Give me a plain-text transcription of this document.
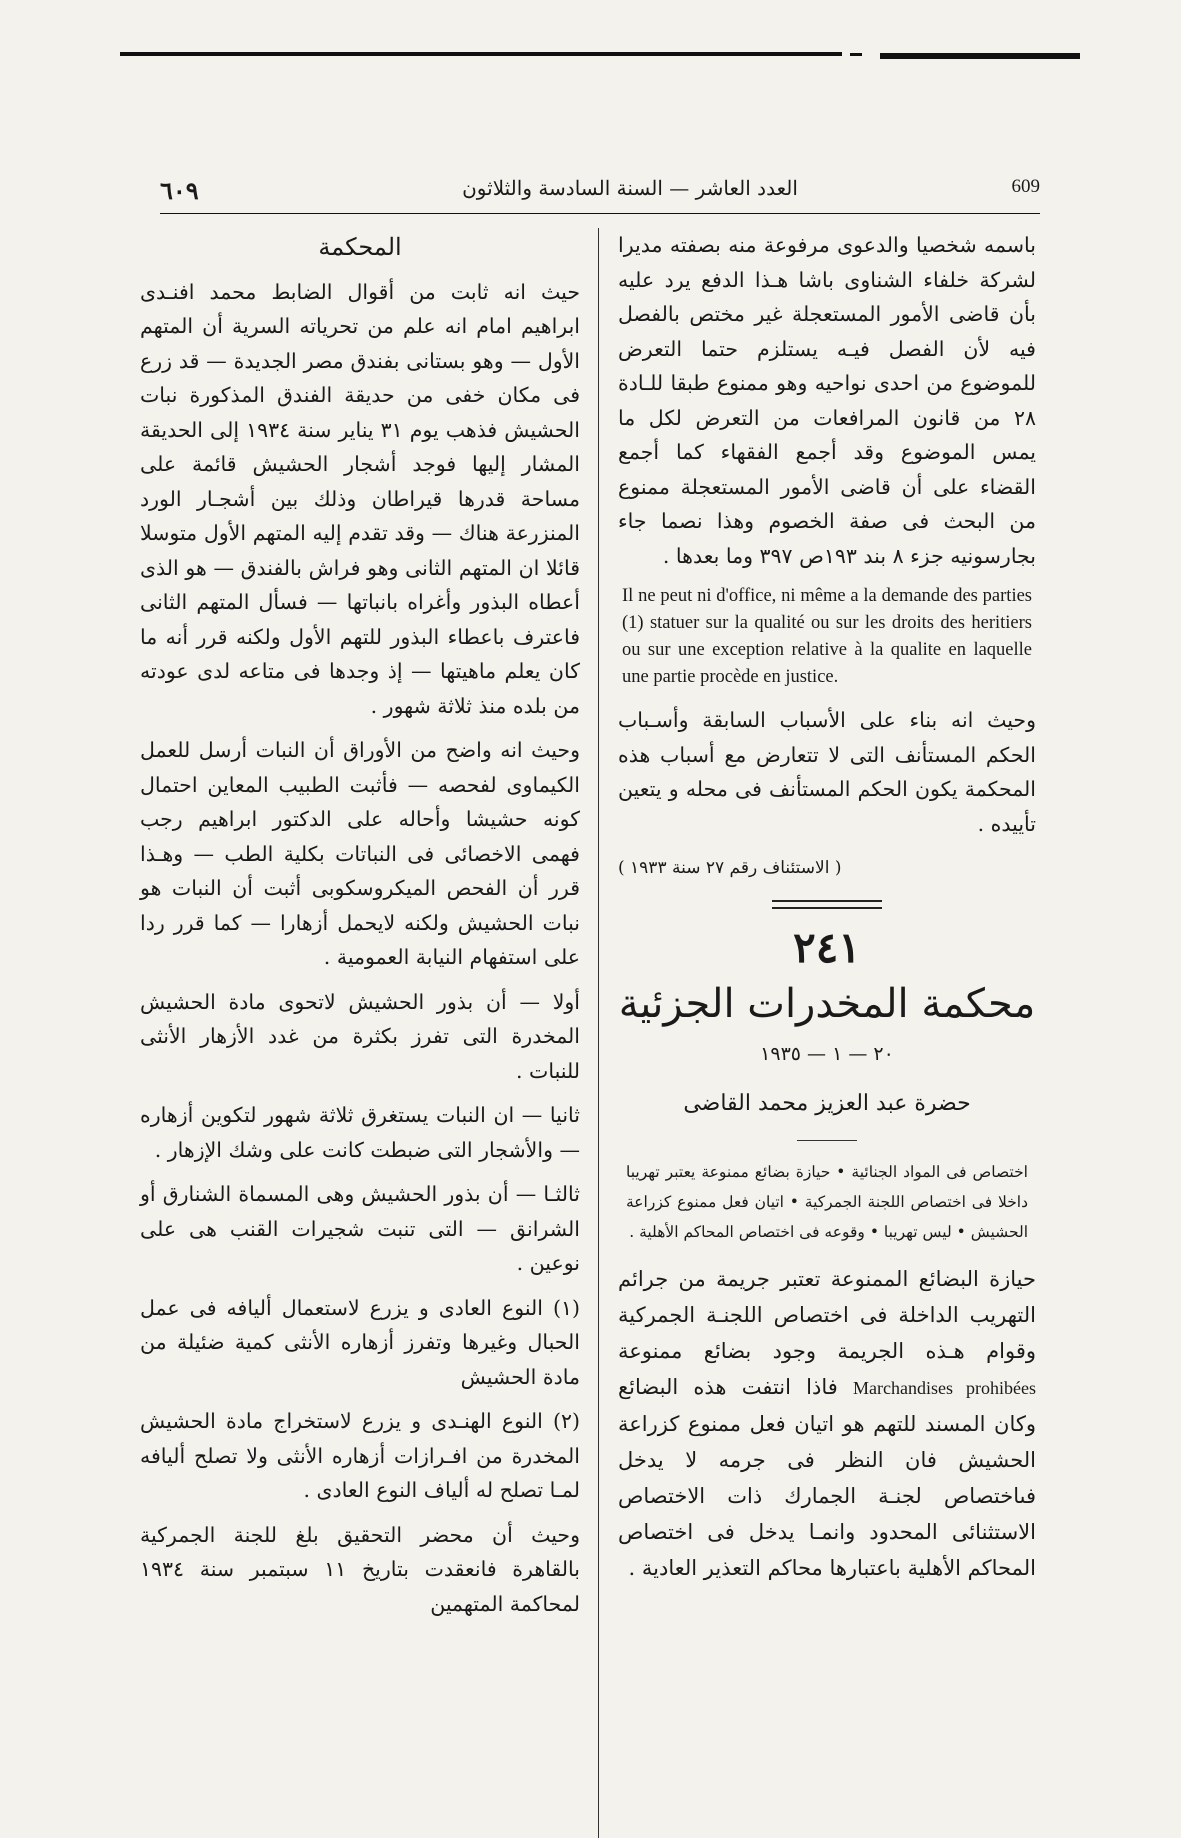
٦٠٩	العدد العاشر — السنة السادسة والثلاثون	609

باسمه شخصيا والدعوى مرفوعة منه بصفته مديرا لشركة خلفاء الشناوى باشا هـذا الدفع يرد عليه بأن قاضى الأمور المستعجلة غير مختص بالفصل فيه لأن الفصل فيـه يستلزم حتما التعرض للموضوع من احدى نواحيه وهو ممنوع طبقا للـادة ٢٨ من قانون المرافعات من التعرض لكل ما يمس الموضوع وقد أجمع الفقهاء كما أجمع القضاء على أن قاضى الأمور المستعجلة ممنوع من البحث فى صفة الخصوم وهذا نصما جاء بجارسونيه جزء ٨ بند ١٩٣ص ٣٩٧ وما بعدها .

Il ne peut ni d'office, ni même a la demande des parties (1) statuer sur la qualité ou sur les droits des heritiers ou sur une exception relative à la qualite en laquelle une partie procède en justice.

وحيث انه بناء على الأسباب السابقة وأسـباب الحكم المستأنف التى لا تتعارض مع أسباب هذه المحكمة يكون الحكم المستأنف فى محله و يتعين تأييده .

( الاستئناف رقم ٢٧ سنة ١٩٣٣ )
٢٤١
محكمة المخدرات الجزئية
٢٠ — ١ — ١٩٣٥
حضرة عبد العزيز محمد القاضى
اختصاص فى المواد الجنائية • حيازة بضائع ممنوعة يعتبر تهريبا داخلا فى اختصاص اللجنة الجمركية • اتيان فعل ممنوع كزراعة الحشيش • ليس تهريبا • وقوعه فى اختصاص المحاكم الأهلية .

حيازة البضائع الممنوعة تعتبر جريمة من جرائم التهريب الداخلة فى اختصاص اللجنـة الجمركية وقوام هـذه الجريمة وجود بضائع ممنوعة Marchandises prohibées فاذا انتفت هذه البضائع وكان المسند للتهم هو اتيان فعل ممنوع كزراعة الحشيش فان النظر فى جرمه لا يدخل فىاختصاص لجنـة الجمارك ذات الاختصاص الاستثنائى المحدود وانمـا يدخل فى اختصاص المحاكم الأهلية باعتبارها محاكم التعذير العادية .

المحكمة

حيث انه ثابت من أقوال الضابط محمد افنـدى ابراهيم امام انه علم من تحرياته السرية أن المتهم الأول — وهو بستانى بفندق مصر الجديدة — قد زرع فى مكان خفى من حديقة الفندق المذكورة نبات الحشيش فذهب يوم ٣١ يناير سنة ١٩٣٤ إلى الحديقة المشار إليها فوجد أشجار الحشيش قائمة على مساحة قدرها قيراطان وذلك بين أشجـار الورد المنزرعة هناك — وقد تقدم إليه المتهم الأول متوسلا قائلا ان المتهم الثانى وهو فراش بالفندق — هو الذى أعطاه البذور وأغراه بانباتها — فسأل المتهم الثانى فاعترف باعطاء البذور للتهم الأول ولكنه قرر أنه ما كان يعلم ماهيتها — إذ وجدها فى متاعه لدى عودته من بلده منذ ثلاثة شهور .

وحيث انه واضح من الأوراق أن النبات أرسل للعمل الكيماوى لفحصه — فأثبت الطبيب المعاين احتمال كونه حشيشا وأحاله على الدكتور ابراهيم رجب فهمى الاخصائى فى النباتات بكلية الطب — وهـذا قرر أن الفحص الميكروسكوبى أثبت أن النبات هو نبات الحشيش ولكنه لايحمل أزهارا — كما قرر ردا على استفهام النيابة العمومية .

أولا — أن بذور الحشيش لاتحوى مادة الحشيش المخدرة التى تفرز بكثرة من غدد الأزهار الأنثى للنبات .

ثانيا — ان النبات يستغرق ثلاثة شهور لتكوين أزهاره — والأشجار التى ضبطت كانت على وشك الإزهار .

ثالثـا — أن بذور الحشيش وهى المسماة الشنارق أو الشرانق — التى تنبت شجيرات القنب هى على نوعين .

(١) النوع العادى و يزرع لاستعمال أليافه فى عمل الحبال وغيرها وتفرز أزهاره الأنثى كمية ضئيلة من مادة الحشيش

(٢) النوع الهنـدى و يزرع لاستخراج مادة الحشيش المخدرة من افـرازات أزهاره الأنثى ولا تصلح أليافه لمـا تصلح له ألياف النوع العادى .

وحيث أن محضر التحقيق بلغ للجنة الجمركية بالقاهرة فانعقدت بتاريخ ١١ سبتمبر سنة ١٩٣٤ لمحاكمة المتهمين
